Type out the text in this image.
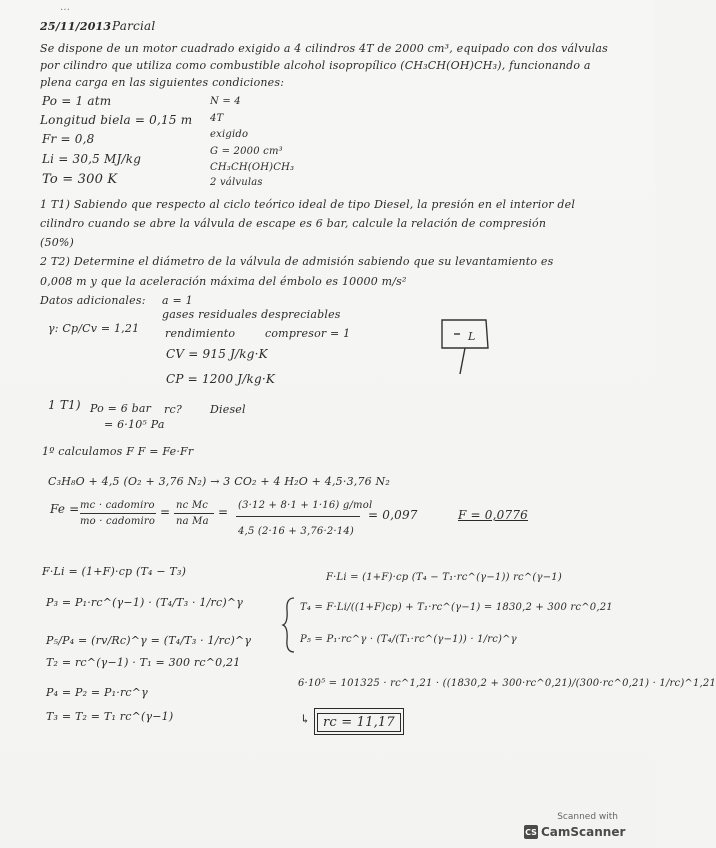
...
25/11/2013 Parcial
Se dispone de un motor cuadrado exigido a 4 cilindros 4T de 2000 cm³, equipado con dos válvulas
por cilindro que utiliza como combustible alcohol isopropílico (CH₃CH(OH)CH₃), funcionando a
plena carga en las siguientes condiciones:
Po = 1 atm
Longitud biela = 0,15 m
Fr = 0,8
Li = 30,5 MJ/kg
To = 300 K
N = 4
4T
exigido
G = 2000 cm³
CH₃CH(OH)CH₃
2 válvulas
1 T1) Sabiendo que respecto al ciclo teórico ideal de tipo Diesel, la presión en el interior del
cilindro cuando se abre la válvula de escape es 6 bar, calcule la relación de compresión
(50%)
2 T2) Determine el diámetro de la válvula de admisión sabiendo que su levantamiento es
0,008 m y que la aceleración máxima del émbolo es 10000 m/s²
Datos adicionales: a = 1
gases residuales despreciables
rendimiento	compresor = 1
γ: Cp/Cv = 1,21
CV = 915 J/kg·K
CP = 1200 J/kg·K
L
1 T1) Po = 6 bar
= 6·10⁵ Pa
rc?	Diesel
1º calculamos F F = Fe·Fr
C₃H₈O + 4,5 (O₂ + 3,76 N₂) → 3 CO₂ + 4 H₂O + 4,5·3,76 N₂
Fe = mc · cadomiro
mo · cadomiro
= nc Mc
na Ma
= (3·12 + 8·1 + 1·16) g/mol
4,5 (2·16 + 3,76·2·14)
= 0,097	F = 0,0776
F·Li = (1+F)·cp (T₄ − T₃)
P₃ = P₁·rc^(γ−1) · (T₄/T₃ · 1/rc)^γ
P₅/P₄ = (rv/Rc)^γ = (T₄/T₃ · 1/rc)^γ
T₂ = rc^(γ−1) · T₁ = 300 rc^0,21
P₄ = P₂ = P₁·rc^γ
T₃ = T₂ = T₁ rc^(γ−1)
F·Li = (1+F)·cp (T₄ − T₁·rc^(γ−1)) rc^(γ−1)
T₄ = F·Li/((1+F)cp) + T₁·rc^(γ−1) = 1830,2 + 300 rc^0,21
P₅ = P₁·rc^γ · (T₄/(T₁·rc^(γ−1)) · 1/rc)^γ
6·10⁵ = 101325 · rc^1,21 · ((1830,2 + 300·rc^0,21)/(300·rc^0,21) · 1/rc)^1,21
↳ rc = 11,17
Scanned with
CS CamScanner
